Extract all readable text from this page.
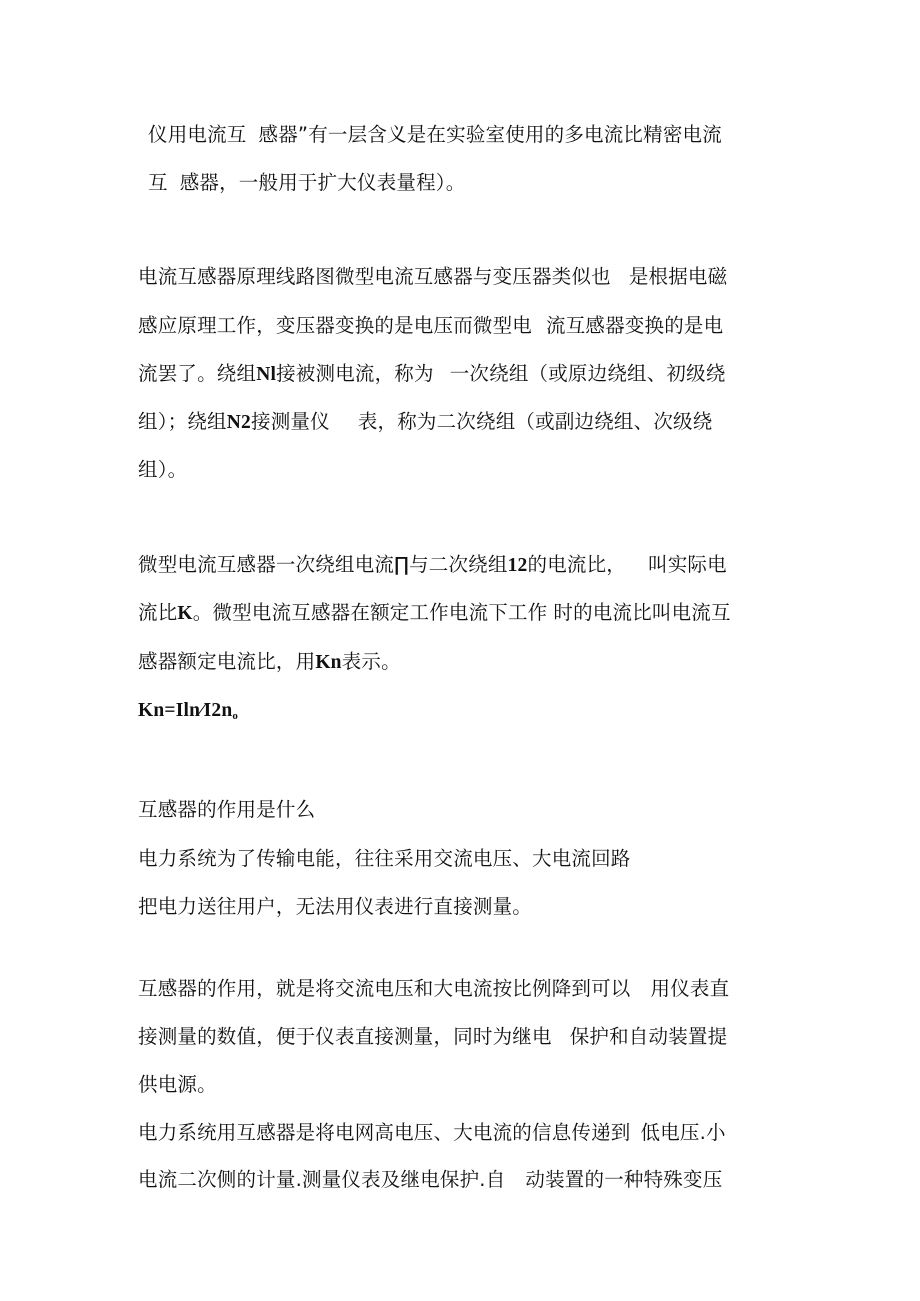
仪用电流互 感器”有一层含义是在实验室使用的多电流比精密电流
互 感器，一般用于扩大仪表量程）。
电流互感器原理线路图微型电流互感器与变压器类似也 是根据电磁
感应原理工作，变压器变换的是电压而微型电 流互感器变换的是电
流罢了。绕组Nl接被测电流，称为 一次绕组（或原边绕组、初级绕
组）；绕组N2接测量仪 表，称为二次绕组（或副边绕组、次级绕
组）。
微型电流互感器一次绕组电流∏与二次绕组12的电流比， 叫实际电
流比K。微型电流互感器在额定工作电流下工作 时的电流比叫电流互
感器额定电流比，用Kn表示。
$Kn=Iln∕I2n_o$
互感器的作用是什么
电力系统为了传输电能，往往采用交流电压、大电流回路
把电力送往用户，无法用仪表进行直接测量。
互感器的作用，就是将交流电压和大电流按比例降到可以 用仪表直
接测量的数值，便于仪表直接测量，同时为继电 保护和自动装置提
供电源。
电力系统用互感器是将电网高电压、大电流的信息传递到 低电压.小
电流二次侧的计量.测量仪表及继电保护.自 动装置的一种特殊变压
